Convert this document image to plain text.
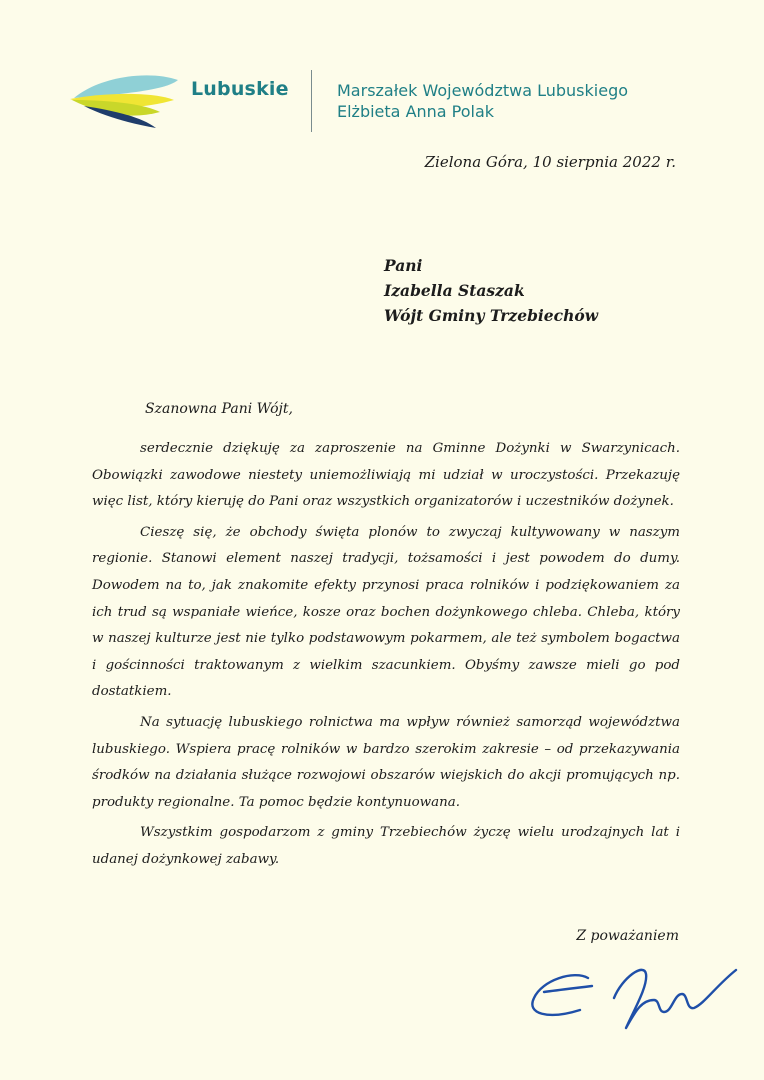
Lubuskie	Marszałek Województwa Lubuskiego
Elżbieta Anna Polak
Zielona Góra, 10 sierpnia 2022 r.
Pani
Izabella Staszak
Wójt Gminy Trzebiechów
Szanowna Pani Wójt,

serdecznie dziękuję za zaproszenie na Gminne Dożynki w Swarzynicach. Obowiązki zawodowe niestety uniemożliwiają mi udział w uroczystości. Przekazuję więc list, który kieruję do Pani oraz wszystkich organizatorów i uczestników dożynek.

Cieszę się, że obchody święta plonów to zwyczaj kultywowany w naszym regionie. Stanowi element naszej tradycji, tożsamości i jest powodem do dumy. Dowodem na to, jak znakomite efekty przynosi praca rolników i podziękowaniem za ich trud są wspaniałe wieńce, kosze oraz bochen dożynkowego chleba. Chleba, który w naszej kulturze jest nie tylko podstawowym pokarmem, ale też symbolem bogactwa i gościnności traktowanym z wielkim szacunkiem. Obyśmy zawsze mieli go pod dostatkiem.

Na sytuację lubuskiego rolnictwa ma wpływ również samorząd województwa lubuskiego. Wspiera pracę rolników w bardzo szerokim zakresie – od przekazywania środków na działania służące rozwojowi obszarów wiejskich do akcji promujących np. produkty regionalne. Ta pomoc będzie kontynuowana.

Wszystkim gospodarzom z gminy Trzebiechów życzę wielu urodzajnych lat i udanej dożynkowej zabawy.

Z poważaniem
